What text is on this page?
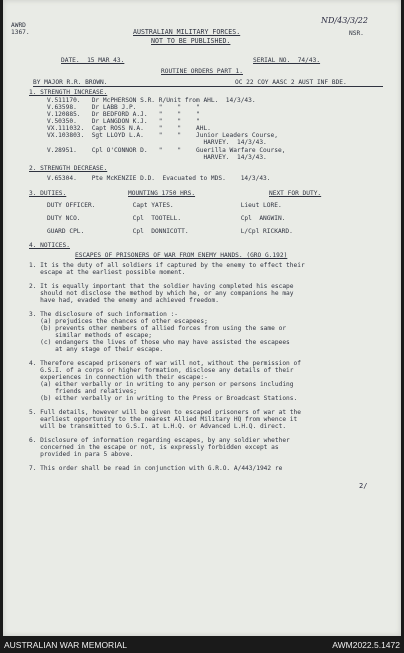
AWRD
1367.	AUSTRALIAN MILITARY FORCES.
NOT TO BE PUBLISHED.
NSR.
ND/43/3/22
DATE.  15 MAR 43.	SERIAL NO.  74/43.
ROUTINE ORDERS PART 1.
BY MAJOR R.R. BROWN.	OC 22 COY AASC 2 AUST INF BDE.
1. STRENGTH INCREASE.
V.511170.   Dr McPHERSON S.R. R/Unit from AHL.  14/3/43.
V.63598.    Dr LABB J.P.      "    "    "
V.120885.   Dr BEDFORD A.J.   "    "    "
V.50350.    Dr LANGDON K.J.   "    "    "
VX.111032.  Capt ROSS N.A.    "    "    AHL.
VX.103803.  Sgt LLOYD L.A.    "    "    Junior Leaders Course,
HARVEY.  14/3/43.
V.28951.    Cpl O'CONNOR D.   "    "    Guerilla Warfare Course,
HARVEY.  14/3/43.
2. STRENGTH DECREASE.
V.65304.    Pte McKENZIE D.D.  Evacuated to MDS.    14/3/43.
3. DUTIES.	MOUNTING 1750 HRS.	NEXT FOR DUTY.
DUTY OFFICER.          Capt YATES.                  Lieut LORE.
DUTY NCO.              Cpl  TOOTELL.                Cpl  ANGWIN.
GUARD CPL.             Cpl  DONNICOTT.              L/Cpl RICKARD.
4. NOTICES.
ESCAPES OF PRISONERS OF WAR FROM ENEMY HANDS. (GRO G.192)
1. It is the duty of all soldiers if captured by the enemy to effect their
escape at the earliest possible moment.
2. It is equally important that the soldier having completed his escape
should not disclose the method by which he, or any companions he may
have had, evaded the enemy and achieved freedom.
3. The disclosure of such information :-
(a) prejudices the chances of other escapees;
(b) prevents other members of allied forces from using the same or
similar methods of escape;
(c) endangers the lives of those who may have assisted the escapees
at any stage of their escape.
4. Therefore escaped prisoners of war will not, without the permission of
G.S.I. of a corps or higher formation, disclose any details of their
experiences in connection with their escape:-
(a) either verbally or in writing to any person or persons including
friends and relatives;
(b) either verbally or in writing to the Press or Broadcast Stations.
5. Full details, however will be given to escaped prisoners of war at the
earliest opportunity to the nearest Allied Military HQ from whence it
will be transmitted to G.S.I. at L.H.Q. or Advanced L.H.Q. direct.
6. Disclosure of information regarding escapes, by any soldier whether
concerned in the escape or not, is expressly forbidden except as
provided in para 5 above.
7. This order shall be read in conjunction with G.R.O. A/443/1942 re
2/
AUSTRALIAN WAR MEMORIAL	AWM2022.5.1472
